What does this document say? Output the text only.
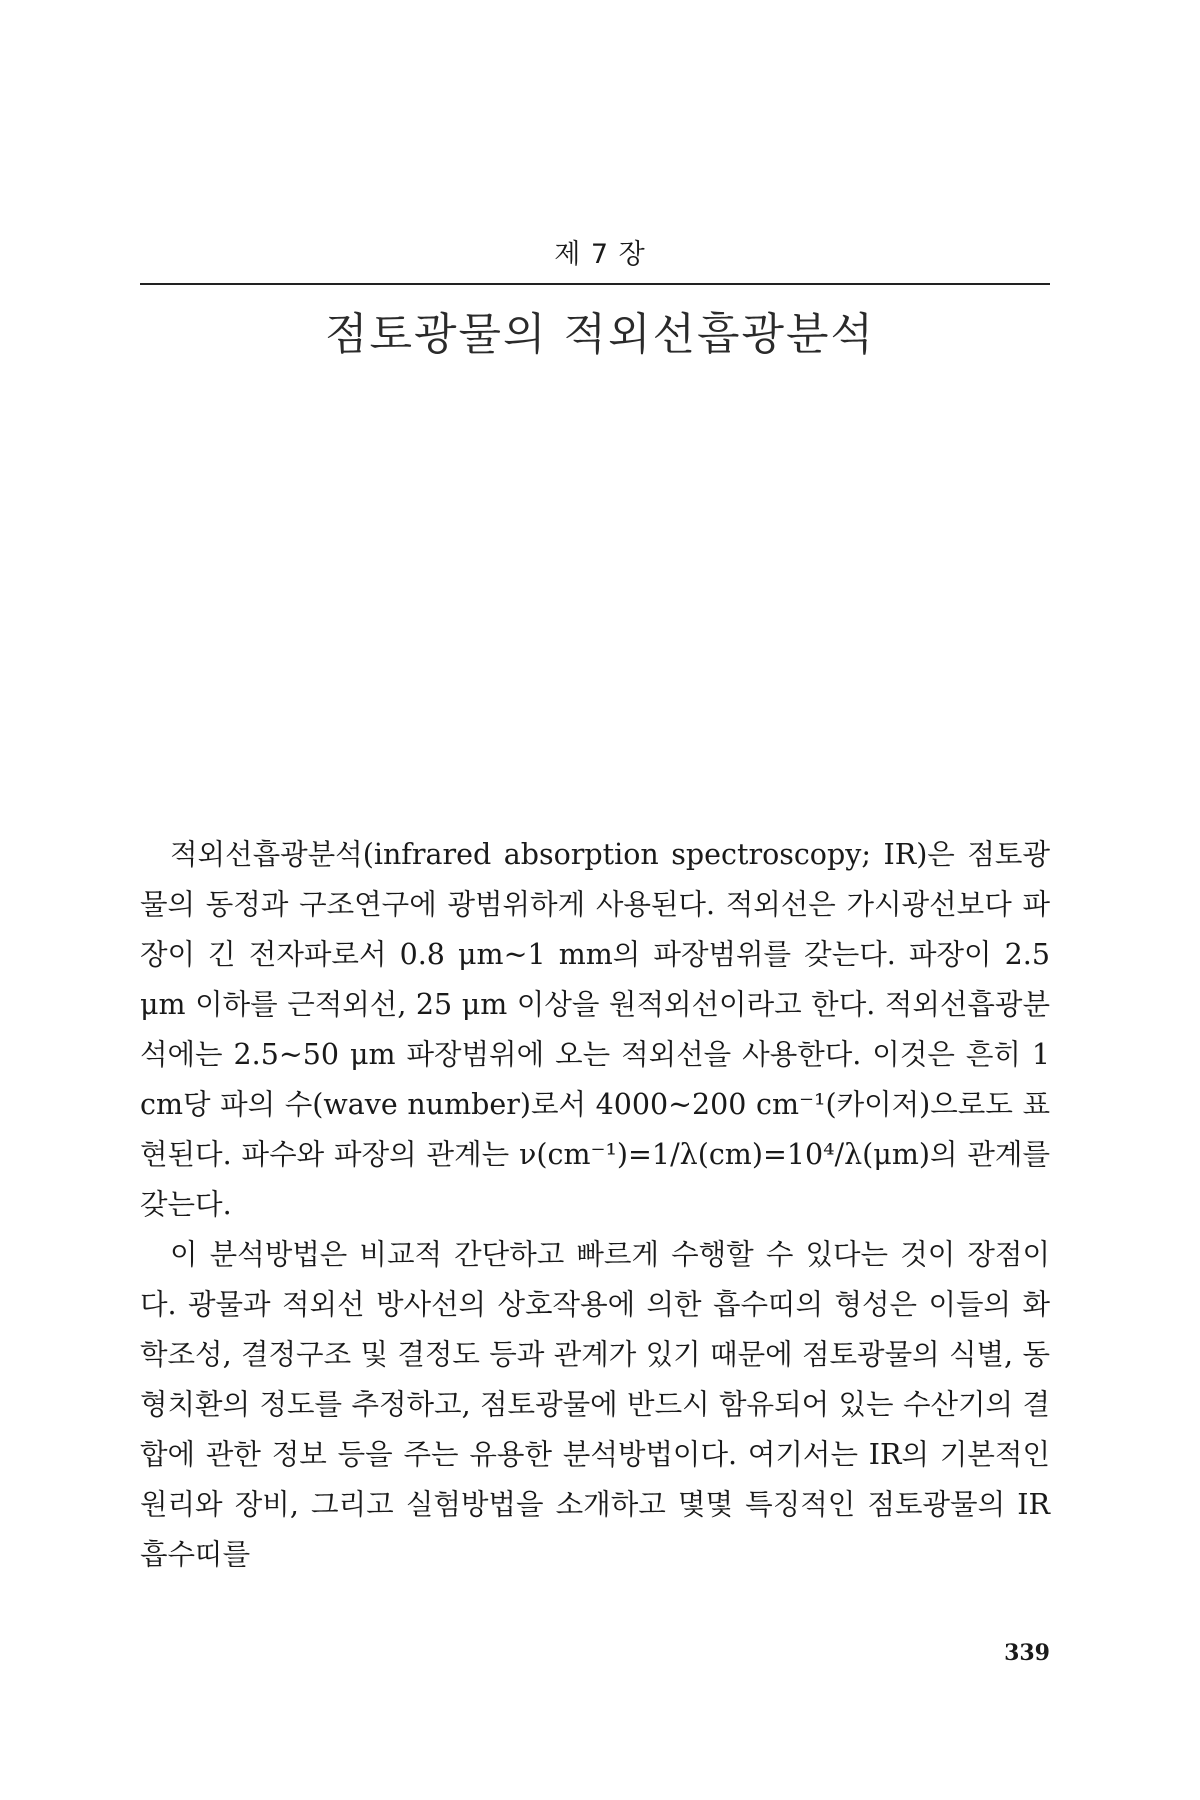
제 7 장
점토광물의 적외선흡광분석

적외선흡광분석(infrared absorption spectroscopy; IR)은 점토광물의 동정과 구조연구에 광범위하게 사용된다. 적외선은 가시광선보다 파장이 긴 전자파로서 0.8 μm~1 mm의 파장범위를 갖는다. 파장이 2.5 μm 이하를 근적외선, 25 μm 이상을 원적외선이라고 한다. 적외선흡광분석에는 2.5~50 μm 파장범위에 오는 적외선을 사용한다. 이것은 흔히 1 cm당 파의 수(wave number)로서 4000~200 cm⁻¹(카이저)으로도 표현된다. 파수와 파장의 관계는 ν(cm⁻¹)=1/λ(cm)=10⁴/λ(μm)의 관계를 갖는다.

이 분석방법은 비교적 간단하고 빠르게 수행할 수 있다는 것이 장점이다. 광물과 적외선 방사선의 상호작용에 의한 흡수띠의 형성은 이들의 화학조성, 결정구조 및 결정도 등과 관계가 있기 때문에 점토광물의 식별, 동형치환의 정도를 추정하고, 점토광물에 반드시 함유되어 있는 수산기의 결합에 관한 정보 등을 주는 유용한 분석방법이다. 여기서는 IR의 기본적인 원리와 장비, 그리고 실험방법을 소개하고 몇몇 특징적인 점토광물의 IR 흡수띠를

339
